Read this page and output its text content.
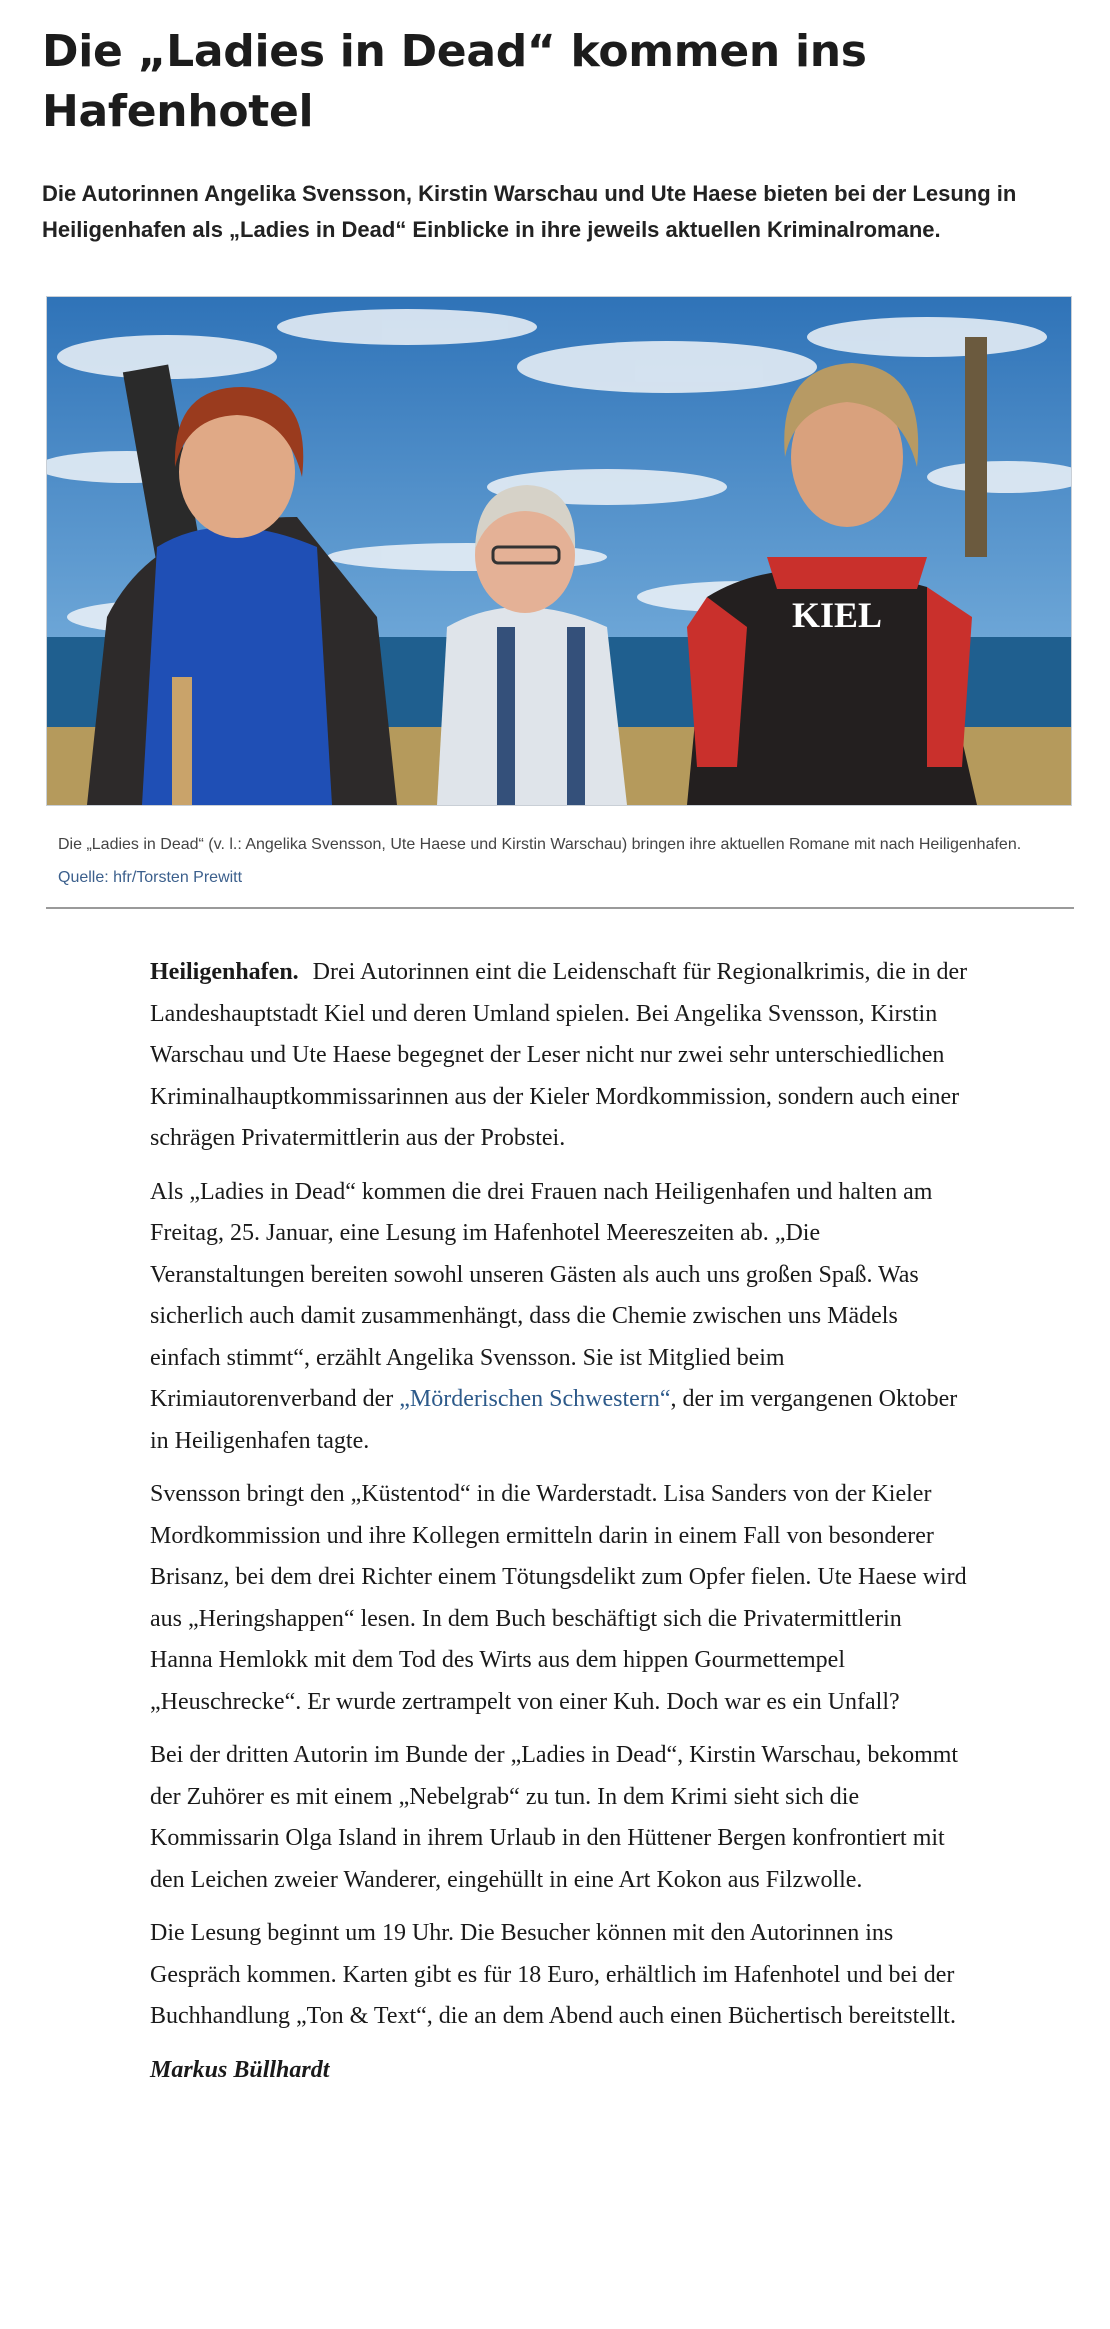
Die „Ladies in Dead“ kommen ins Hafenhotel

Die Autorinnen Angelika Svensson, Kirstin Warschau und Ute Haese bieten bei der Lesung in Heiligenhafen als „Ladies in Dead“ Einblicke in ihre jeweils aktuellen Kriminalromane.

KIEL
Die „Ladies in Dead“ (v. l.: Angelika Svensson, Ute Haese und Kirstin Warschau) bringen ihre aktuellen Romane mit nach Heiligenhafen. Quelle: hfr/Torsten Prewitt

Heiligenhafen. Drei Autorinnen eint die Leidenschaft für Regionalkrimis, die in der Landeshauptstadt Kiel und deren Umland spielen. Bei Angelika Svensson, Kirstin Warschau und Ute Haese begegnet der Leser nicht nur zwei sehr unterschiedlichen Kriminalhauptkommissarinnen aus der Kieler Mordkommission, sondern auch einer schrägen Privatermittlerin aus der Probstei.

Als „Ladies in Dead“ kommen die drei Frauen nach Heiligenhafen und halten am Freitag, 25. Januar, eine Lesung im Hafenhotel Meereszeiten ab. „Die Veranstaltungen bereiten sowohl unseren Gästen als auch uns großen Spaß. Was sicherlich auch damit zusammenhängt, dass die Chemie zwischen uns Mädels einfach stimmt“, erzählt Angelika Svensson. Sie ist Mitglied beim Krimiautorenverband der „Mörderischen Schwestern“, der im vergangenen Oktober in Heiligenhafen tagte.

Svensson bringt den „Küstentod“ in die Warderstadt. Lisa Sanders von der Kieler Mordkommission und ihre Kollegen ermitteln darin in einem Fall von besonderer Brisanz, bei dem drei Richter einem Tötungsdelikt zum Opfer fielen. Ute Haese wird aus „Heringshappen“ lesen. In dem Buch beschäftigt sich die Privatermittlerin Hanna Hemlokk mit dem Tod des Wirts aus dem hippen Gourmettempel „Heuschrecke“. Er wurde zertrampelt von einer Kuh. Doch war es ein Unfall?

Bei der dritten Autorin im Bunde der „Ladies in Dead“, Kirstin Warschau, bekommt der Zuhörer es mit einem „Nebelgrab“ zu tun. In dem Krimi sieht sich die Kommissarin Olga Island in ihrem Urlaub in den Hüttener Bergen konfrontiert mit den Leichen zweier Wanderer, eingehüllt in eine Art Kokon aus Filzwolle.

Die Lesung beginnt um 19 Uhr. Die Besucher können mit den Autorinnen ins Gespräch kommen. Karten gibt es für 18 Euro, erhältlich im Hafenhotel und bei der Buchhandlung „Ton & Text“, die an dem Abend auch einen Büchertisch bereitstellt.

Markus Büllhardt
